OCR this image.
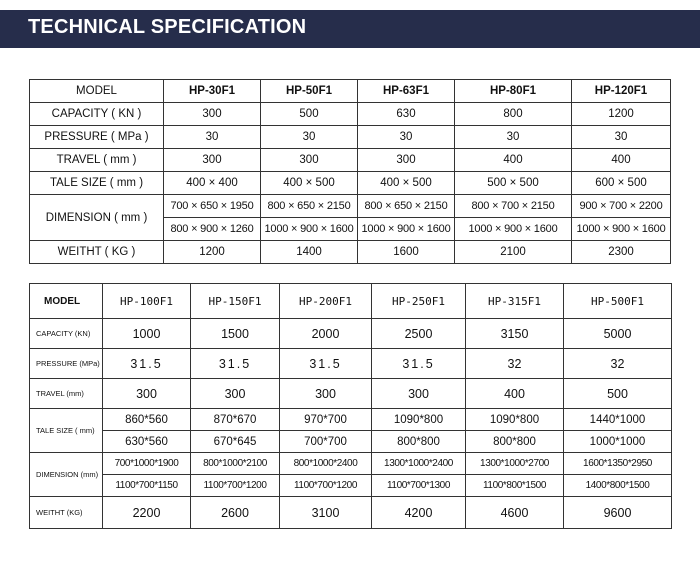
TECHNICAL SPECIFICATION
MODEL	HP-30F1	HP-50F1	HP-63F1	HP-80F1	HP-120F1
CAPACITY ( KN )	300	500	630	800	1200
PRESSURE ( MPa )	30	30	30	30	30
TRAVEL ( mm )	300	300	300	400	400
TALE SIZE ( mm )	400 × 400	400 × 500	400 × 500	500 × 500	600 × 500
DIMENSION ( mm )	700 × 650 × 1950	800 × 650 × 2150	800 × 650 × 2150	800 × 700 × 2150	900 × 700 × 2200
	800 × 900 × 1260	1000 × 900 × 1600	1000 × 900 × 1600	1000 × 900 × 1600	1000 × 900 × 1600
WEITHT ( KG )	1200	1400	1600	2100	2300
MODEL	HP-100F1	HP-150F1	HP-200F1	HP-250F1	HP-315F1	HP-500F1
CAPACITY (KN)	1000	1500	2000	2500	3150	5000
PRESSURE (MPa)	31.5	31.5	31.5	31.5	32	32
TRAVEL (mm)	300	300	300	300	400	500
TALE SIZE ( mm)	860*560	870*670	970*700	1090*800	1090*800	1440*1000
	630*560	670*645	700*700	800*800	800*800	1000*1000
DIMENSION (mm)	700*1000*1900	800*1000*2100	800*1000*2400	1300*1000*2400	1300*1000*2700	1600*1350*2950
	1100*700*1150	1100*700*1200	1100*700*1200	1100*700*1300	1100*800*1500	1400*800*1500
WEITHT (KG)	2200	2600	3100	4200	4600	9600
